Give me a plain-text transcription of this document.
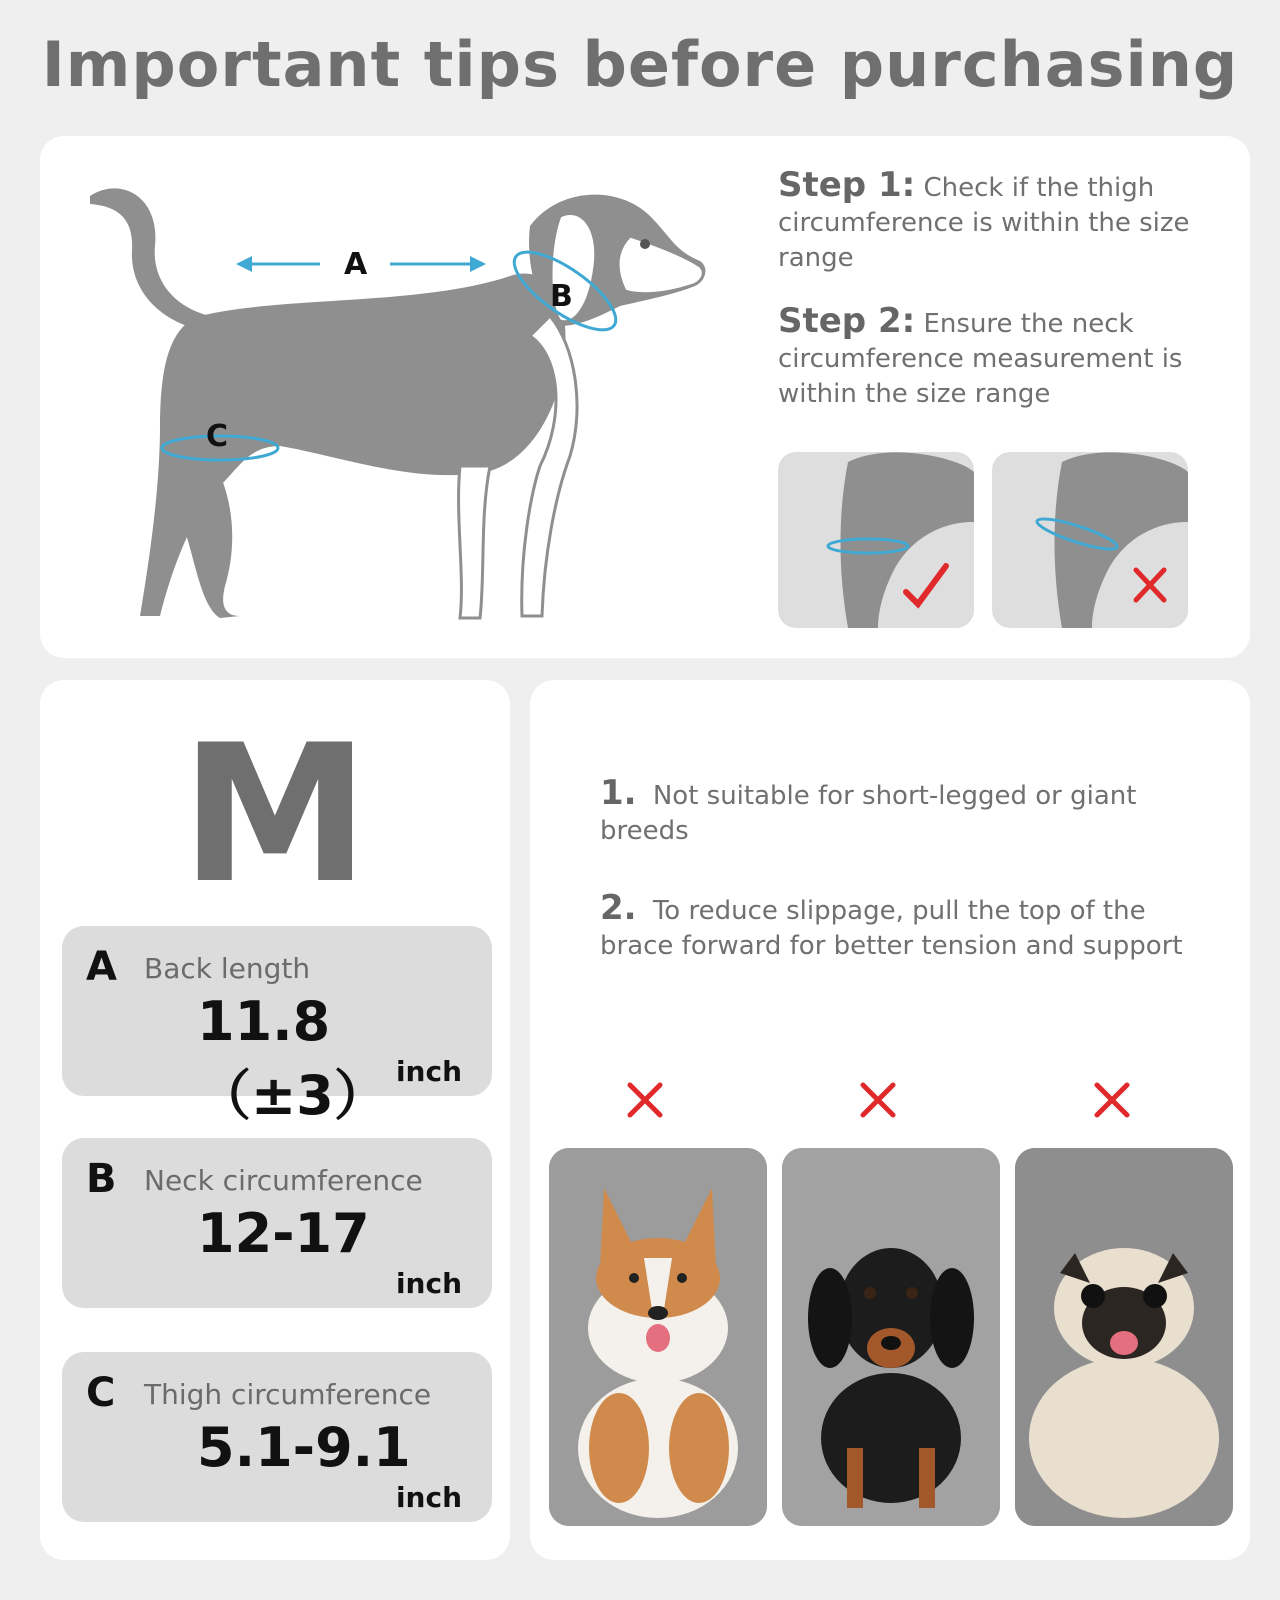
Important tips before purchasing
A
B
C
Step 1: Check if the thigh circumference is within the size range
Step 2: Ensure the neck circumference measurement is within the size range
M
A Back length
11.8 （±3） inch
B Neck circumference
12-17
inch
C Thigh circumference
5.1-9.1
inch
1. Not suitable for short-legged or giant breeds
2. To reduce slippage, pull the top of the brace forward for better tension and support
